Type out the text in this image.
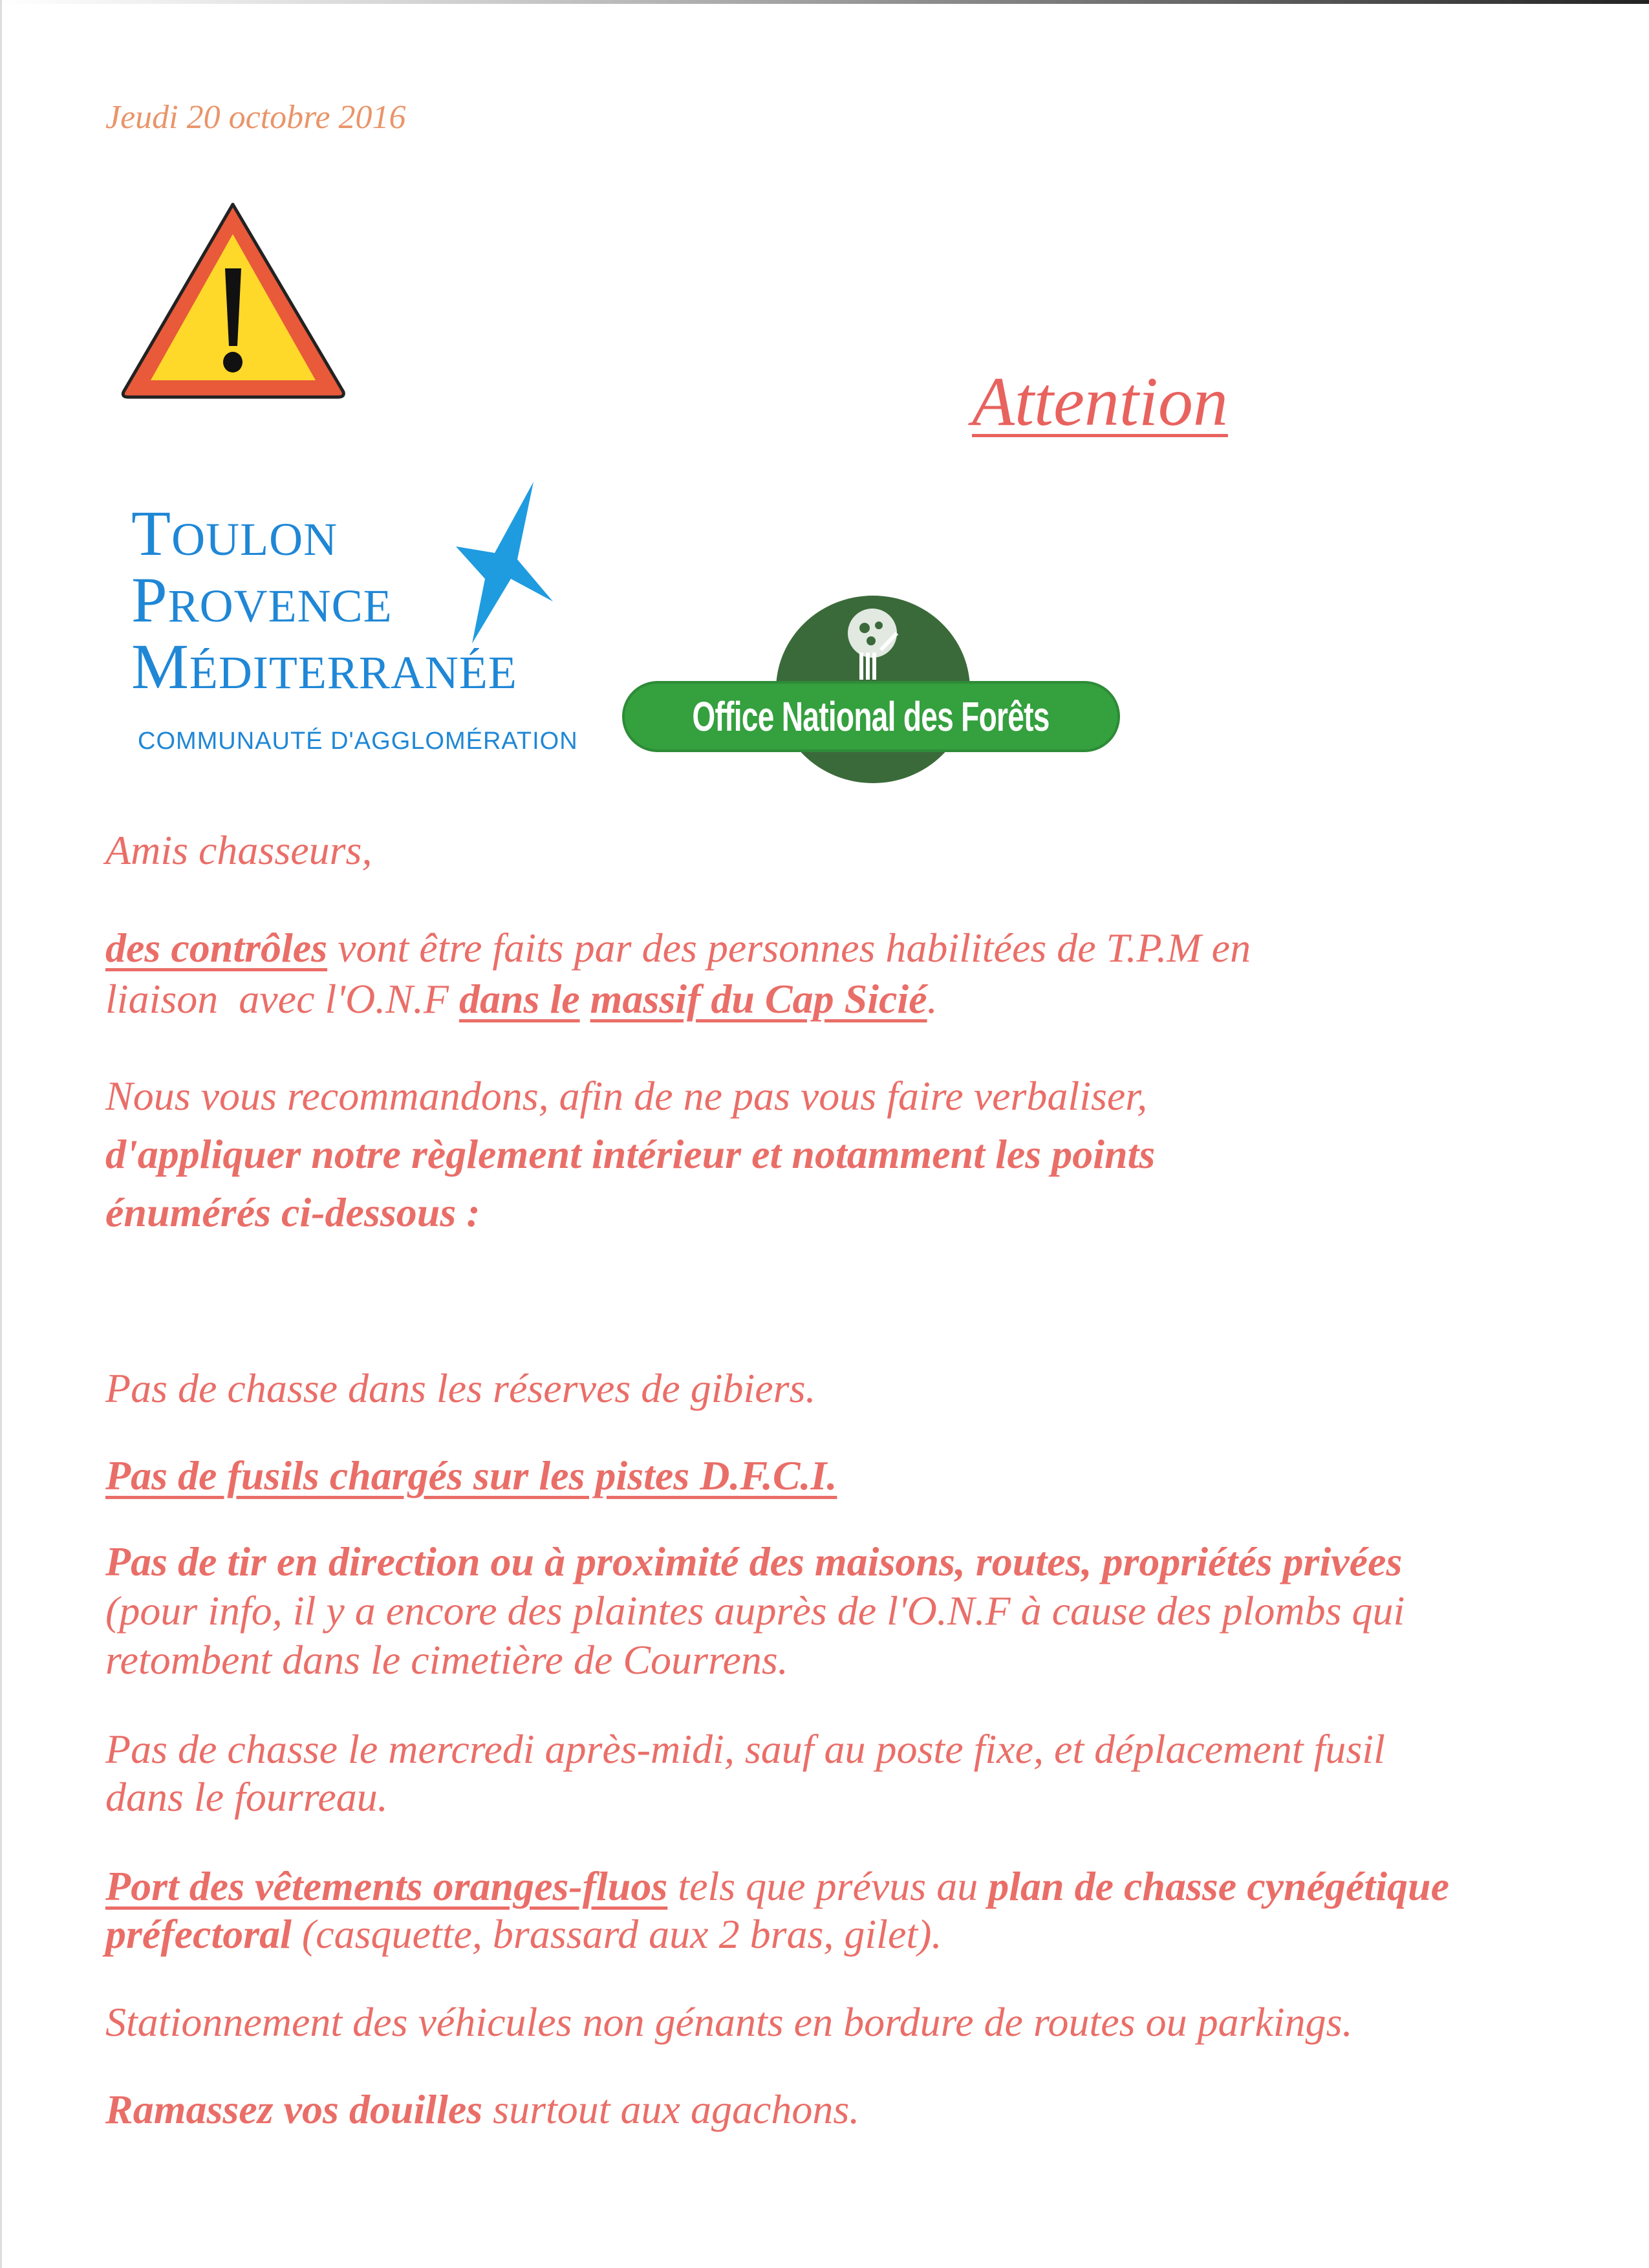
Jeudi 20 octobre 2016
Attention
TOULON
PROVENCE
MÉDITERRANÉE
COMMUNAUTÉ D'AGGLOMÉRATION
Office National des Forêts
Amis chasseurs,
des contrôles vont être faits par des personnes habilitées de T.P.M en
liaison  avec l'O.N.F dans le massif du Cap Sicié.
Nous vous recommandons, afin de ne pas vous faire verbaliser,
d'appliquer notre règlement intérieur et notamment les points
énumérés ci-dessous :
Pas de chasse dans les réserves de gibiers.
Pas de fusils chargés sur les pistes D.F.C.I.
Pas de tir en direction ou à proximité des maisons, routes, propriétés privées
(pour info, il y a encore des plaintes auprès de l'O.N.F à cause des plombs qui
retombent dans le cimetière de Courrens.
Pas de chasse le mercredi après-midi, sauf au poste fixe, et déplacement fusil
dans le fourreau.
Port des vêtements oranges-fluos tels que prévus au plan de chasse cynégétique
préfectoral (casquette, brassard aux 2 bras, gilet).
Stationnement des véhicules non génants en bordure de routes ou parkings.
Ramassez vos douilles surtout aux agachons.
